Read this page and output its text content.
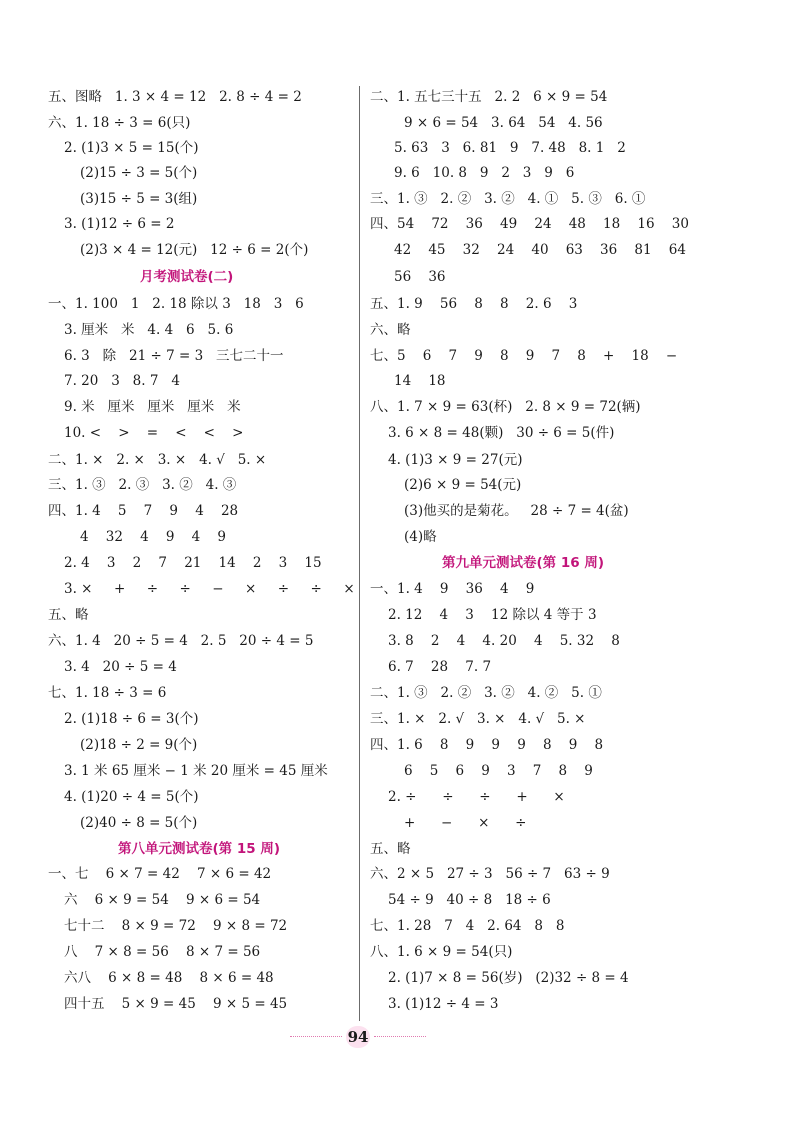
五、图略   1. 3 × 4 = 12   2. 8 ÷ 4 = 2
六、1. 18 ÷ 3 = 6(只)
2. (1)3 × 5 = 15(个)
(2)15 ÷ 3 = 5(个)
(3)15 ÷ 5 = 3(组)
3. (1)12 ÷ 6 = 2
(2)3 × 4 = 12(元)   12 ÷ 6 = 2(个)
月考测试卷(二)
一、1. 100   1   2. 18 除以 3   18   3   6
3. 厘米   米   4. 4   6   5. 6
6. 3   除   21 ÷ 7 = 3   三七二十一
7. 20   3   8. 7   4
9. 米   厘米   厘米   厘米   米
10. <    >    =    <    <    >
二、1. ×   2. ×   3. ×   4. √   5. ×
三、1. ③   2. ③   3. ②   4. ③
四、1. 4    5    7    9    4    28
4    32    4    9    4    9
2. 4    3    2    7    21    14    2    3    15
3. ×     +     ÷     ÷     −     ×     ÷     ÷     ×
五、略
六、1. 4   20 ÷ 5 = 4   2. 5   20 ÷ 4 = 5
3. 4   20 ÷ 5 = 4
七、1. 18 ÷ 3 = 6
2. (1)18 ÷ 6 = 3(个)
(2)18 ÷ 2 = 9(个)
3. 1 米 65 厘米 − 1 米 20 厘米 = 45 厘米
4. (1)20 ÷ 4 = 5(个)
(2)40 ÷ 8 = 5(个)
第八单元测试卷(第 15 周)
一、七    6 × 7 = 42    7 × 6 = 42
六    6 × 9 = 54    9 × 6 = 54
七十二    8 × 9 = 72    9 × 8 = 72
八    7 × 8 = 56    8 × 7 = 56
六八    6 × 8 = 48    8 × 6 = 48
四十五    5 × 9 = 45    9 × 5 = 45
二、1. 五七三十五   2. 2   6 × 9 = 54
9 × 6 = 54   3. 64   54   4. 56
5. 63   3   6. 81   9   7. 48   8. 1   2
9. 6   10. 8   9   2   3   9   6
三、1. ③   2. ②   3. ②   4. ①   5. ③   6. ①
四、54    72    36    49    24    48    18    16    30
42    45    32    24    40    63    36    81    64
56    36
五、1. 9    56    8    8    2. 6    3
六、略
七、5    6    7    9    8    9    7    8    +    18    −
14    18
八、1. 7 × 9 = 63(杯)   2. 8 × 9 = 72(辆)
3. 6 × 8 = 48(颗)   30 ÷ 6 = 5(件)
4. (1)3 × 9 = 27(元)
(2)6 × 9 = 54(元)
(3)他买的是菊花。   28 ÷ 7 = 4(盆)
(4)略
第九单元测试卷(第 16 周)
一、1. 4    9    36    4    9
2. 12    4    3    12 除以 4 等于 3
3. 8    2    4    4. 20    4    5. 32    8
6. 7    28    7. 7
二、1. ③   2. ②   3. ②   4. ②   5. ①
三、1. ×   2. √   3. ×   4. √   5. ×
四、1. 6    8    9    9    9    8    9    8
6    5    6    9    3    7    8    9
2. ÷      ÷      ÷      +      ×
+      −      ×      ÷
五、略
六、2 × 5   27 ÷ 3   56 ÷ 7   63 ÷ 9
54 ÷ 9   40 ÷ 8   18 ÷ 6
七、1. 28   7   4   2. 64   8   8
八、1. 6 × 9 = 54(只)
2. (1)7 × 8 = 56(岁)   (2)32 ÷ 8 = 4
3. (1)12 ÷ 4 = 3
94
